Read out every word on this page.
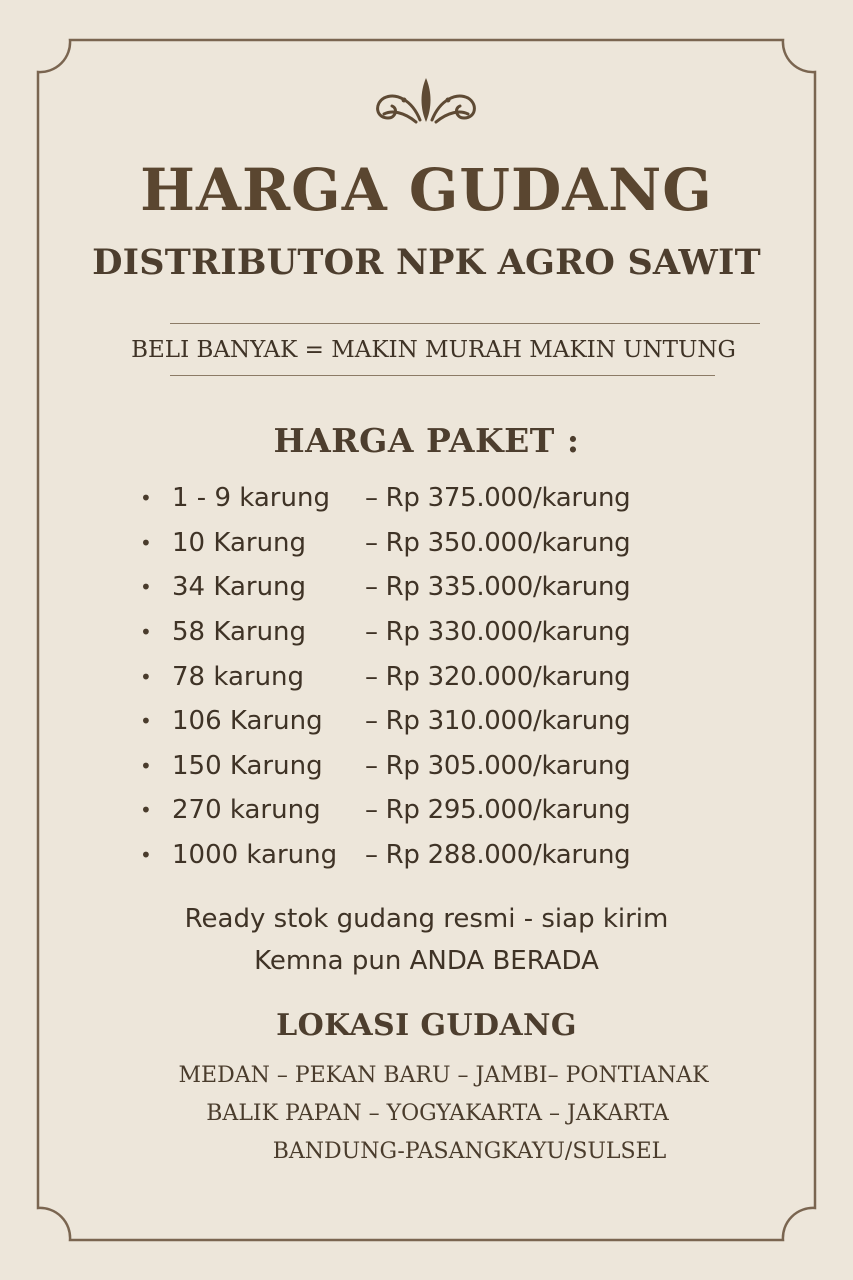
HARGA GUDANG
DISTRIBUTOR NPK AGRO SAWIT
BELI BANYAK = MAKIN MURAH MAKIN UNTUNG
HARGA PAKET :
• 1 - 9 karung	– Rp 375.000/karung
• 10 Karung	– Rp 350.000/karung
• 34 Karung	– Rp 335.000/karung
• 58 Karung	– Rp 330.000/karung
• 78 karung	– Rp 320.000/karung
• 106 Karung	– Rp 310.000/karung
• 150 Karung	– Rp 305.000/karung
• 270 karung	– Rp 295.000/karung
• 1000 karung	– Rp 288.000/karung
Ready stok gudang resmi - siap kirim
Kemna pun ANDA BERADA
LOKASI GUDANG
MEDAN – PEKAN BARU – JAMBI– PONTIANAK
BALIK PAPAN – YOGYAKARTA – JAKARTA
BANDUNG-PASANGKAYU/SULSEL
